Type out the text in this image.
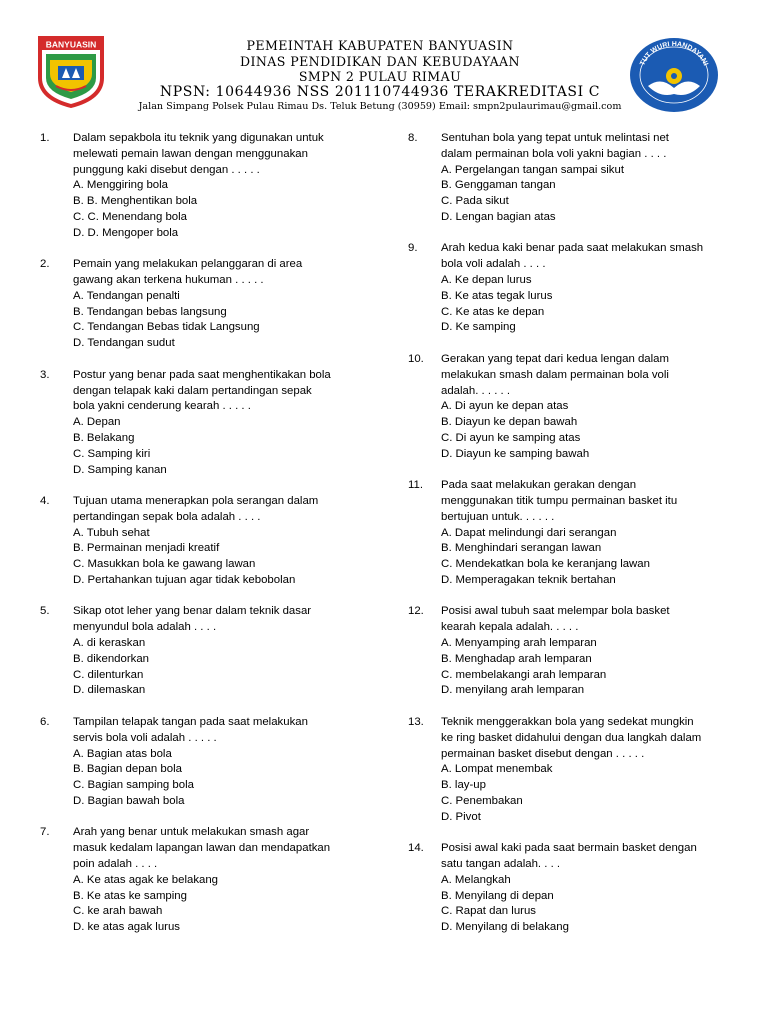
BANYUASIN	PEMEINTAH KABUPATEN BANYUASIN
DINAS PENDIDIKAN DAN KEBUDAYAAN
SMPN 2 PULAU RIMAU
NPSN: 10644936 NSS 201110744936 TERAKREDITASI C
Jalan Simpang Polsek Pulau Rimau Ds. Teluk Betung (30959) Email: smpn2pulaurimau@gmail.com
TUT WURI HANDAYANI
1.	Dalam sepakbola itu teknik yang digunakan untuk
melewati pemain lawan dengan menggunakan
punggung kaki disebut dengan . . . . .
A. Menggiring bola
B. B. Menghentikan bola
C. C. Menendang bola
D. D. Mengoper bola
2.	Pemain yang melakukan pelanggaran di area
gawang akan terkena hukuman . . . . .
A. Tendangan penalti
B. Tendangan bebas langsung
C. Tendangan Bebas tidak Langsung
D. Tendangan sudut
3.	Postur yang benar pada saat menghentikakan bola
dengan telapak kaki dalam pertandingan sepak
bola yakni cenderung kearah . . . . .
A. Depan
B. Belakang
C. Samping kiri
D. Samping kanan
4.	Tujuan utama menerapkan pola serangan dalam
pertandingan sepak bola adalah . . . .
A. Tubuh sehat
B. Permainan menjadi kreatif
C. Masukkan bola ke gawang lawan
D. Pertahankan tujuan agar tidak kebobolan
5.	Sikap otot leher yang benar dalam teknik dasar
menyundul bola adalah . . . .
A. di keraskan
B. dikendorkan
C. dilenturkan
D. dilemaskan
6.	Tampilan telapak tangan pada saat melakukan
servis bola voli adalah . . . . .
A. Bagian atas bola
B. Bagian depan bola
C. Bagian samping bola
D. Bagian bawah bola
7.	Arah yang benar untuk melakukan smash agar
masuk kedalam lapangan lawan dan mendapatkan
poin adalah . . . .
A. Ke atas agak ke belakang
B. Ke atas ke samping
C. ke arah bawah
D. ke atas agak lurus
8.	Sentuhan bola yang tepat untuk melintasi net
dalam permainan bola voli yakni bagian . . . .
A. Pergelangan tangan sampai sikut
B. Genggaman tangan
C. Pada sikut
D. Lengan bagian atas
9.	Arah kedua kaki benar pada saat melakukan smash
bola voli adalah . . . .
A. Ke depan lurus
B. Ke atas tegak lurus
C. Ke atas ke depan
D. Ke samping
10.	Gerakan yang tepat dari kedua lengan dalam
melakukan smash dalam permainan bola voli
adalah. . . . . .
A. Di ayun ke depan atas
B. Diayun ke depan bawah
C. Di ayun ke samping atas
D. Diayun ke samping bawah
11.	Pada saat melakukan gerakan dengan
menggunakan titik tumpu permainan basket itu
bertujuan untuk. . . . . .
A. Dapat melindungi dari serangan
B. Menghindari serangan lawan
C. Mendekatkan bola ke keranjang lawan
D. Memperagakan teknik bertahan
12.	Posisi awal tubuh saat melempar bola basket
kearah kepala adalah. . . . .
A. Menyamping arah lemparan
B. Menghadap arah lemparan
C. membelakangi arah lemparan
D. menyilang arah lemparan
13.	Teknik menggerakkan bola yang sedekat mungkin
ke ring basket didahului dengan dua langkah dalam
permainan basket disebut dengan . . . . .
A. Lompat menembak
B. lay-up
C. Penembakan
D. Pivot
14.	Posisi awal kaki pada saat bermain basket dengan
satu tangan adalah. . . .
A. Melangkah
B. Menyilang di depan
C. Rapat dan lurus
D. Menyilang di belakang
